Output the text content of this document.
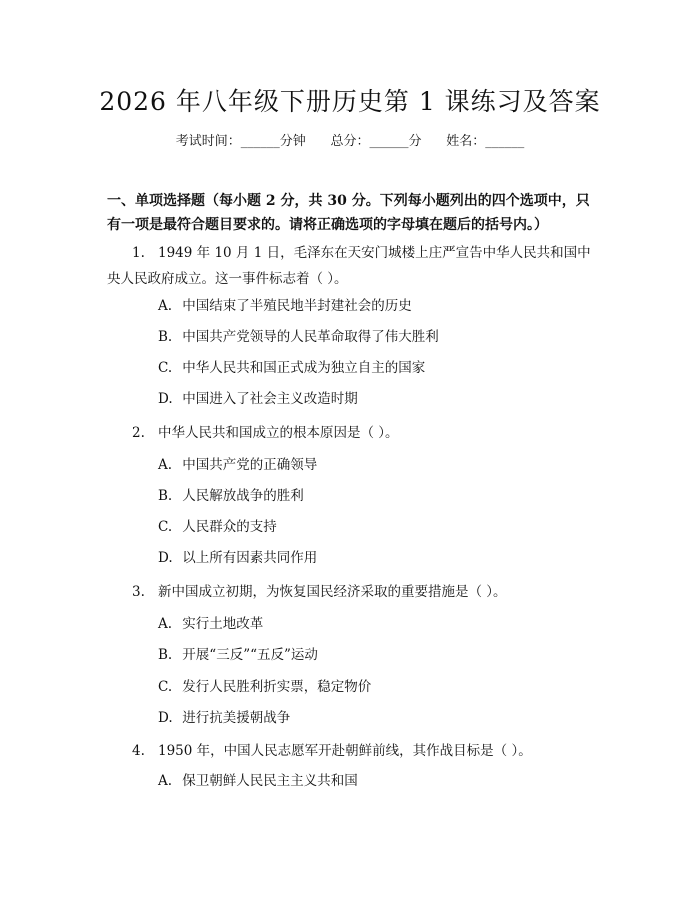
2026 年八年级下册历史第 1 课练习及答案
考试时间：______分钟      总分：______分      姓名：______
一、单项选择题（每小题 2 分，共 30 分。下列每小题列出的四个选项中，只有一项是最符合题目要求的。请将正确选项的字母填在题后的括号内。）
1. 1949 年 10 月 1 日，毛泽东在天安门城楼上庄严宣告中华人民共和国中央人民政府成立。这一事件标志着（ ）。
A. 中国结束了半殖民地半封建社会的历史
B. 中国共产党领导的人民革命取得了伟大胜利
C. 中华人民共和国正式成为独立自主的国家
D. 中国进入了社会主义改造时期
2. 中华人民共和国成立的根本原因是（ ）。
A. 中国共产党的正确领导
B. 人民解放战争的胜利
C. 人民群众的支持
D. 以上所有因素共同作用
3. 新中国成立初期，为恢复国民经济采取的重要措施是（ ）。
A. 实行土地改革
B. 开展“三反”“五反”运动
C. 发行人民胜利折实票，稳定物价
D. 进行抗美援朝战争
4. 1950 年，中国人民志愿军开赴朝鲜前线，其作战目标是（ ）。
A. 保卫朝鲜人民民主主义共和国
